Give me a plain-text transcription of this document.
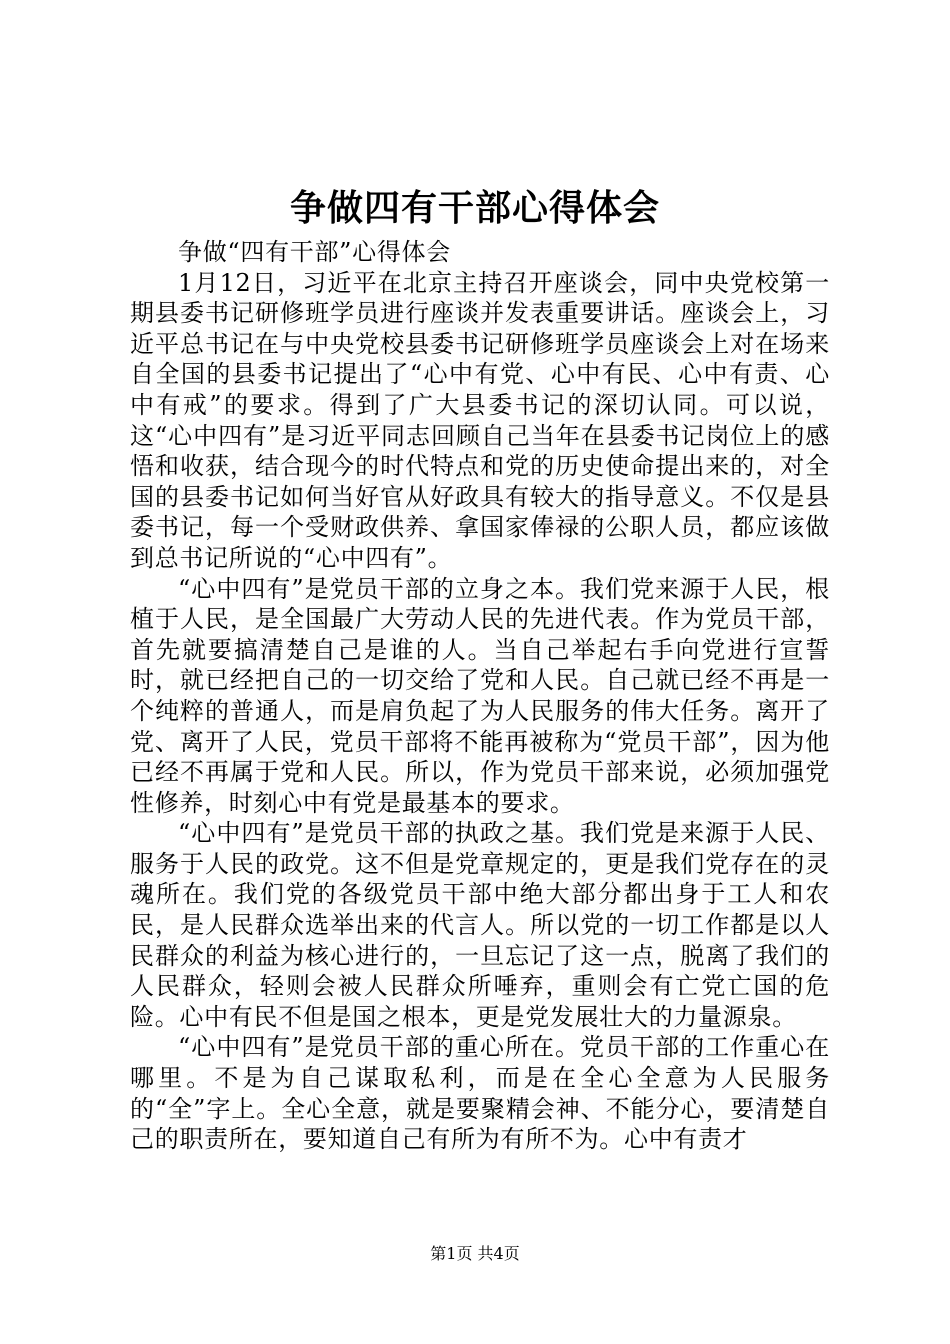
争做四有干部心得体会

争做“四有干部”心得体会

1月12日，习近平在北京主持召开座谈会，同中央党校第一期县委书记研修班学员进行座谈并发表重要讲话。座谈会上，习近平总书记在与中央党校县委书记研修班学员座谈会上对在场来自全国的县委书记提出了“心中有党、心中有民、心中有责、心中有戒”的要求。得到了广大县委书记的深切认同。可以说，这“心中四有”是习近平同志回顾自己当年在县委书记岗位上的感悟和收获，结合现今的时代特点和党的历史使命提出来的，对全国的县委书记如何当好官从好政具有较大的指导意义。不仅是县委书记，每一个受财政供养、拿国家俸禄的公职人员，都应该做到总书记所说的“心中四有”。

“心中四有”是党员干部的立身之本。我们党来源于人民，根植于人民，是全国最广大劳动人民的先进代表。作为党员干部，首先就要搞清楚自己是谁的人。当自己举起右手向党进行宣誓时，就已经把自己的一切交给了党和人民。自己就已经不再是一个纯粹的普通人，而是肩负起了为人民服务的伟大任务。离开了党、离开了人民，党员干部将不能再被称为“党员干部”，因为他已经不再属于党和人民。所以，作为党员干部来说，必须加强党性修养，时刻心中有党是最基本的要求。

“心中四有”是党员干部的执政之基。我们党是来源于人民、服务于人民的政党。这不但是党章规定的，更是我们党存在的灵魂所在。我们党的各级党员干部中绝大部分都出身于工人和农民，是人民群众选举出来的代言人。所以党的一切工作都是以人民群众的利益为核心进行的，一旦忘记了这一点，脱离了我们的人民群众，轻则会被人民群众所唾弃，重则会有亡党亡国的危险。心中有民不但是国之根本，更是党发展壮大的力量源泉。

“心中四有”是党员干部的重心所在。党员干部的工作重心在哪里。不是为自己谋取私利，而是在全心全意为人民服务的“全”字上。全心全意，就是要聚精会神、不能分心，要清楚自己的职责所在，要知道自己有所为有所不为。心中有责才

第1页 共4页
